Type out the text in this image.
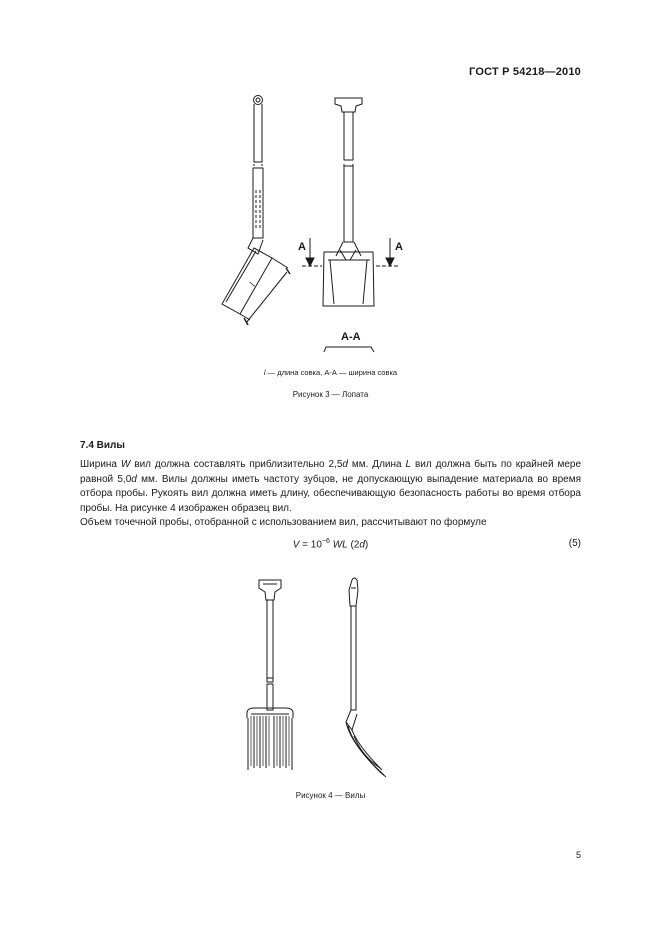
ГОСТ Р 54218—2010
A	A
A-A
l
l — длина совка, А-А — ширина совка
Рисунок 3 — Лопата
7.4 Вилы
Ширина W вил должна составлять приблизительно 2,5d мм. Длина L вил должна быть по крайней мере равной 5,0d мм. Вилы должны иметь частоту зубцов, не допускающую выпадение материала во время отбора пробы. Рукоять вил должна иметь длину, обеспечивающую безопасность работы во время отбора пробы. На рисунке 4 изображен образец вил.
Объем точечной пробы, отобранной с использованием вил, рассчитывают по формуле
$V = 10^{-6}$ WL (2d)	(5)
Рисунок 4 — Вилы
5
